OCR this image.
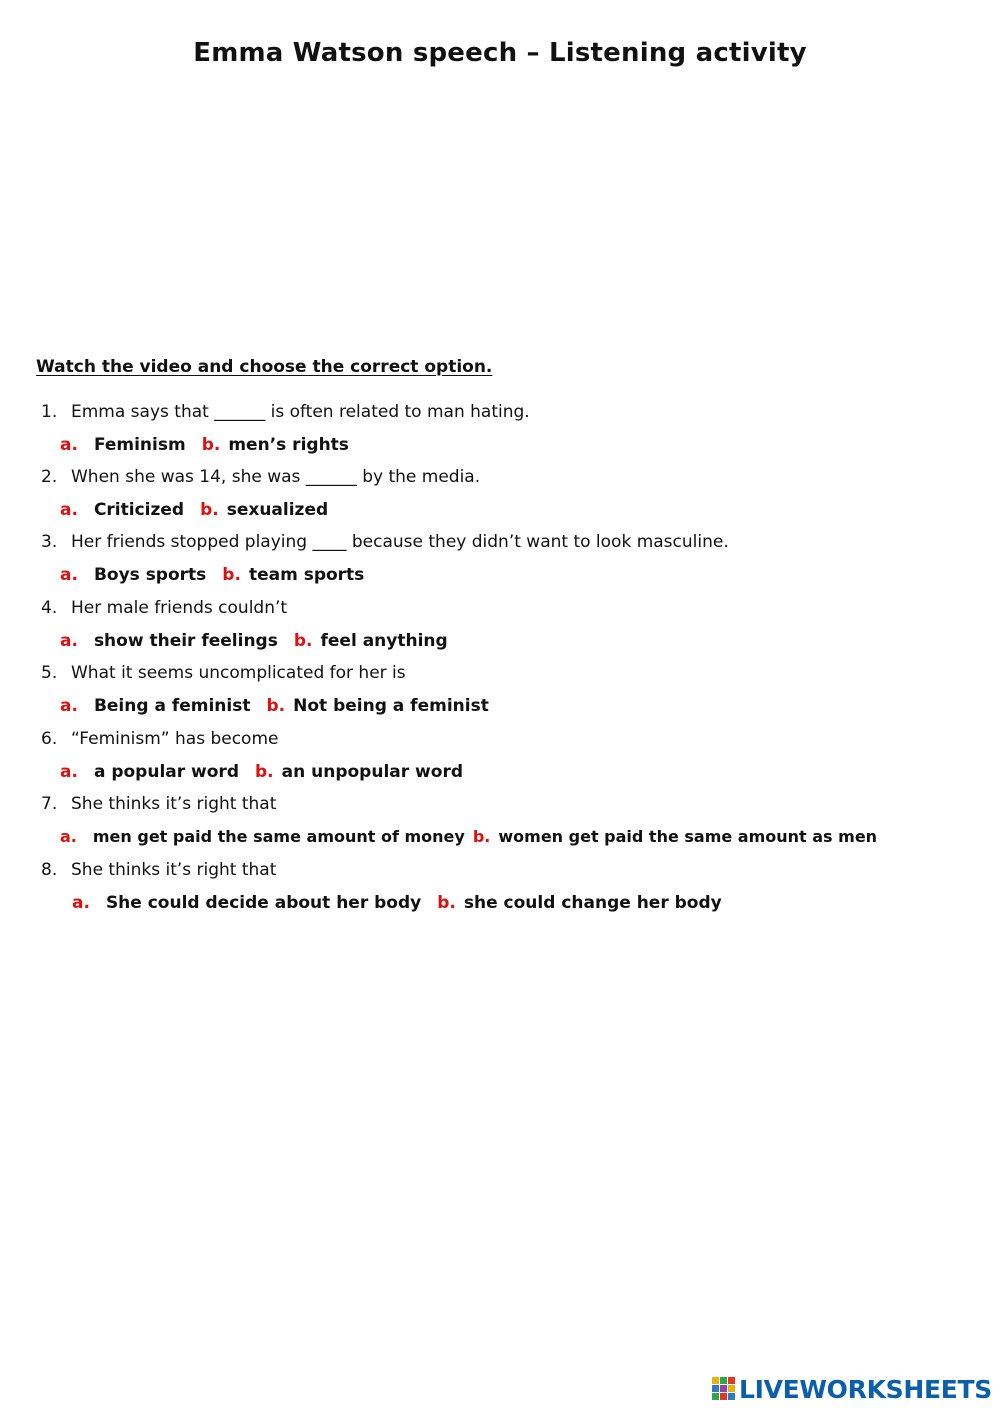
Emma Watson speech – Listening activity
Watch the video and choose the correct option.
1. Emma says that ______ is often related to man hating.
a. Feminism b. men’s rights
2. When she was 14, she was ______ by the media.
a. Criticized b. sexualized
3. Her friends stopped playing ____ because they didn’t want to look masculine.
a. Boys sports b. team sports
4. Her male friends couldn’t
a. show their feelings b. feel anything
5. What it seems uncomplicated for her is
a. Being a feminist b. Not being a feminist
6. “Feminism” has become
a. a popular word b. an unpopular word
7. She thinks it’s right that
a. men get paid the same amount of money b. women get paid the same amount as men
8. She thinks it’s right that
a. She could decide about her body b. she could change her body
LIVEWORKSHEETS
